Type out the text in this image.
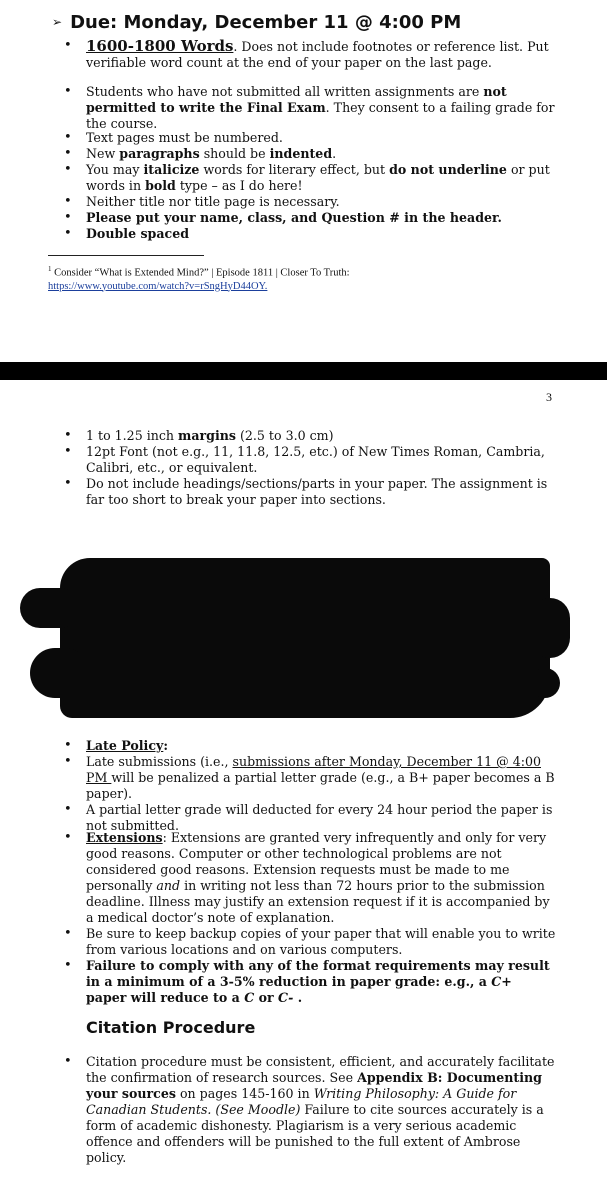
➢ Due: Monday, December 11 @ 4:00 PM
• 1600-1800 Words. Does not include footnotes or reference list. Put verifiable word count at the end of your paper on the last page.
• Students who have not submitted all written assignments are not permitted to write the Final Exam. They consent to a failing grade for the course.
• Text pages must be numbered.
• New paragraphs should be indented.
• You may italicize words for literary effect, but do not underline or put words in bold type – as I do here!
• Neither title nor title page is necessary.
• Please put your name, class, and Question # in the header.
• Double spaced
$^1$ Consider “What is Extended Mind?” | Episode 1811 | Closer To Truth:
https://www.youtube.com/watch?v=rSngHyD44OY.
3
• 1 to 1.25 inch margins (2.5 to 3.0 cm)
• 12pt Font (not e.g., 11, 11.8, 12.5, etc.) of New Times Roman, Cambria, Calibri, etc., or equivalent.
• Do not include headings/sections/parts in your paper. The assignment is far too short to break your paper into sections.
• Late Policy:
• Late submissions (i.e., submissions after Monday, December 11 @ 4:00 PM will be penalized a partial letter grade (e.g., a B+ paper becomes a B paper).
• A partial letter grade will deducted for every 24 hour period the paper is not submitted.
• Extensions: Extensions are granted very infrequently and only for very good reasons. Computer or other technological problems are not considered good reasons. Extension requests must be made to me personally and in writing not less than 72 hours prior to the submission deadline. Illness may justify an extension request if it is accompanied by a medical doctor’s note of explanation.
• Be sure to keep backup copies of your paper that will enable you to write from various locations and on various computers.
• Failure to comply with any of the format requirements may result in a minimum of a 3-5% reduction in paper grade: e.g., a C+ paper will reduce to a C or C- .
Citation Procedure
• Citation procedure must be consistent, efficient, and accurately facilitate the confirmation of research sources. See Appendix B: Documenting your sources on pages 145-160 in Writing Philosophy: A Guide for Canadian Students. (See Moodle) Failure to cite sources accurately is a form of academic dishonesty. Plagiarism is a very serious academic offence and offenders will be punished to the full extent of Ambrose policy.
